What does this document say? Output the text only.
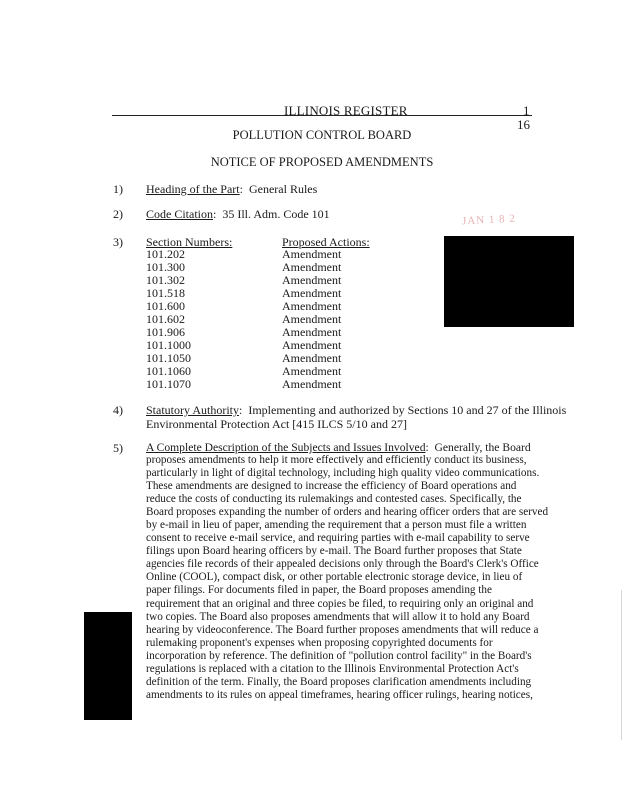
ILLINOIS REGISTER	1
16
POLLUTION CONTROL BOARD
NOTICE OF PROPOSED AMENDMENTS
1) Heading of the Part:  General Rules
2) Code Citation:  35 Ill. Adm. Code 101	JAN 1 8 2
3) Section Numbers:	Proposed Actions:
101.202	Amendment
101.300	Amendment
101.302	Amendment
101.518	Amendment
101.600	Amendment
101.602	Amendment
101.906	Amendment
101.1000	Amendment
101.1050	Amendment
101.1060	Amendment
101.1070	Amendment
4) Statutory Authority:  Implementing and authorized by Sections 10 and 27 of the Illinois
Environmental Protection Act [415 ILCS 5/10 and 27]
5) A Complete Description of the Subjects and Issues Involved:  Generally, the Board
proposes amendments to help it more effectively and efficiently conduct its business,
particularly in light of digital technology, including high quality video communications.
These amendments are designed to increase the efficiency of Board operations and
reduce the costs of conducting its rulemakings and contested cases. Specifically, the
Board proposes expanding the number of orders and hearing officer orders that are served
by e-mail in lieu of paper, amending the requirement that a person must file a written
consent to receive e-mail service, and requiring parties with e-mail capability to serve
filings upon Board hearing officers by e-mail. The Board further proposes that State
agencies file records of their appealed decisions only through the Board's Clerk's Office
Online (COOL), compact disk, or other portable electronic storage device, in lieu of
paper filings. For documents filed in paper, the Board proposes amending the
requirement that an original and three copies be filed, to requiring only an original and
two copies. The Board also proposes amendments that will allow it to hold any Board
hearing by videoconference. The Board further proposes amendments that will reduce a
rulemaking proponent's expenses when proposing copyrighted documents for
incorporation by reference. The definition of "pollution control facility" in the Board's
regulations is replaced with a citation to the Illinois Environmental Protection Act's
definition of the term. Finally, the Board proposes clarification amendments including
amendments to its rules on appeal timeframes, hearing officer rulings, hearing notices,
